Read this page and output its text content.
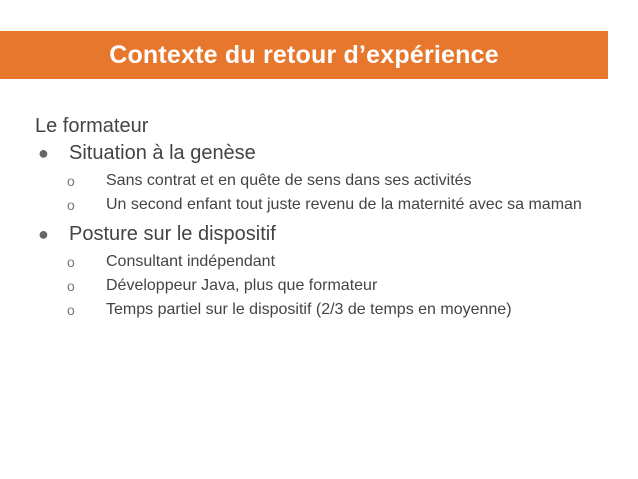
Contexte du retour d’expérience
Le formateur
●	Situation à la genèse
o	Sans contrat et en quête de sens dans ses activités
o	Un second enfant tout juste revenu de la maternité avec sa maman
●	Posture sur le dispositif
o	Consultant indépendant
o	Développeur Java, plus que formateur
o	Temps partiel sur le dispositif (2/3 de temps en moyenne)
